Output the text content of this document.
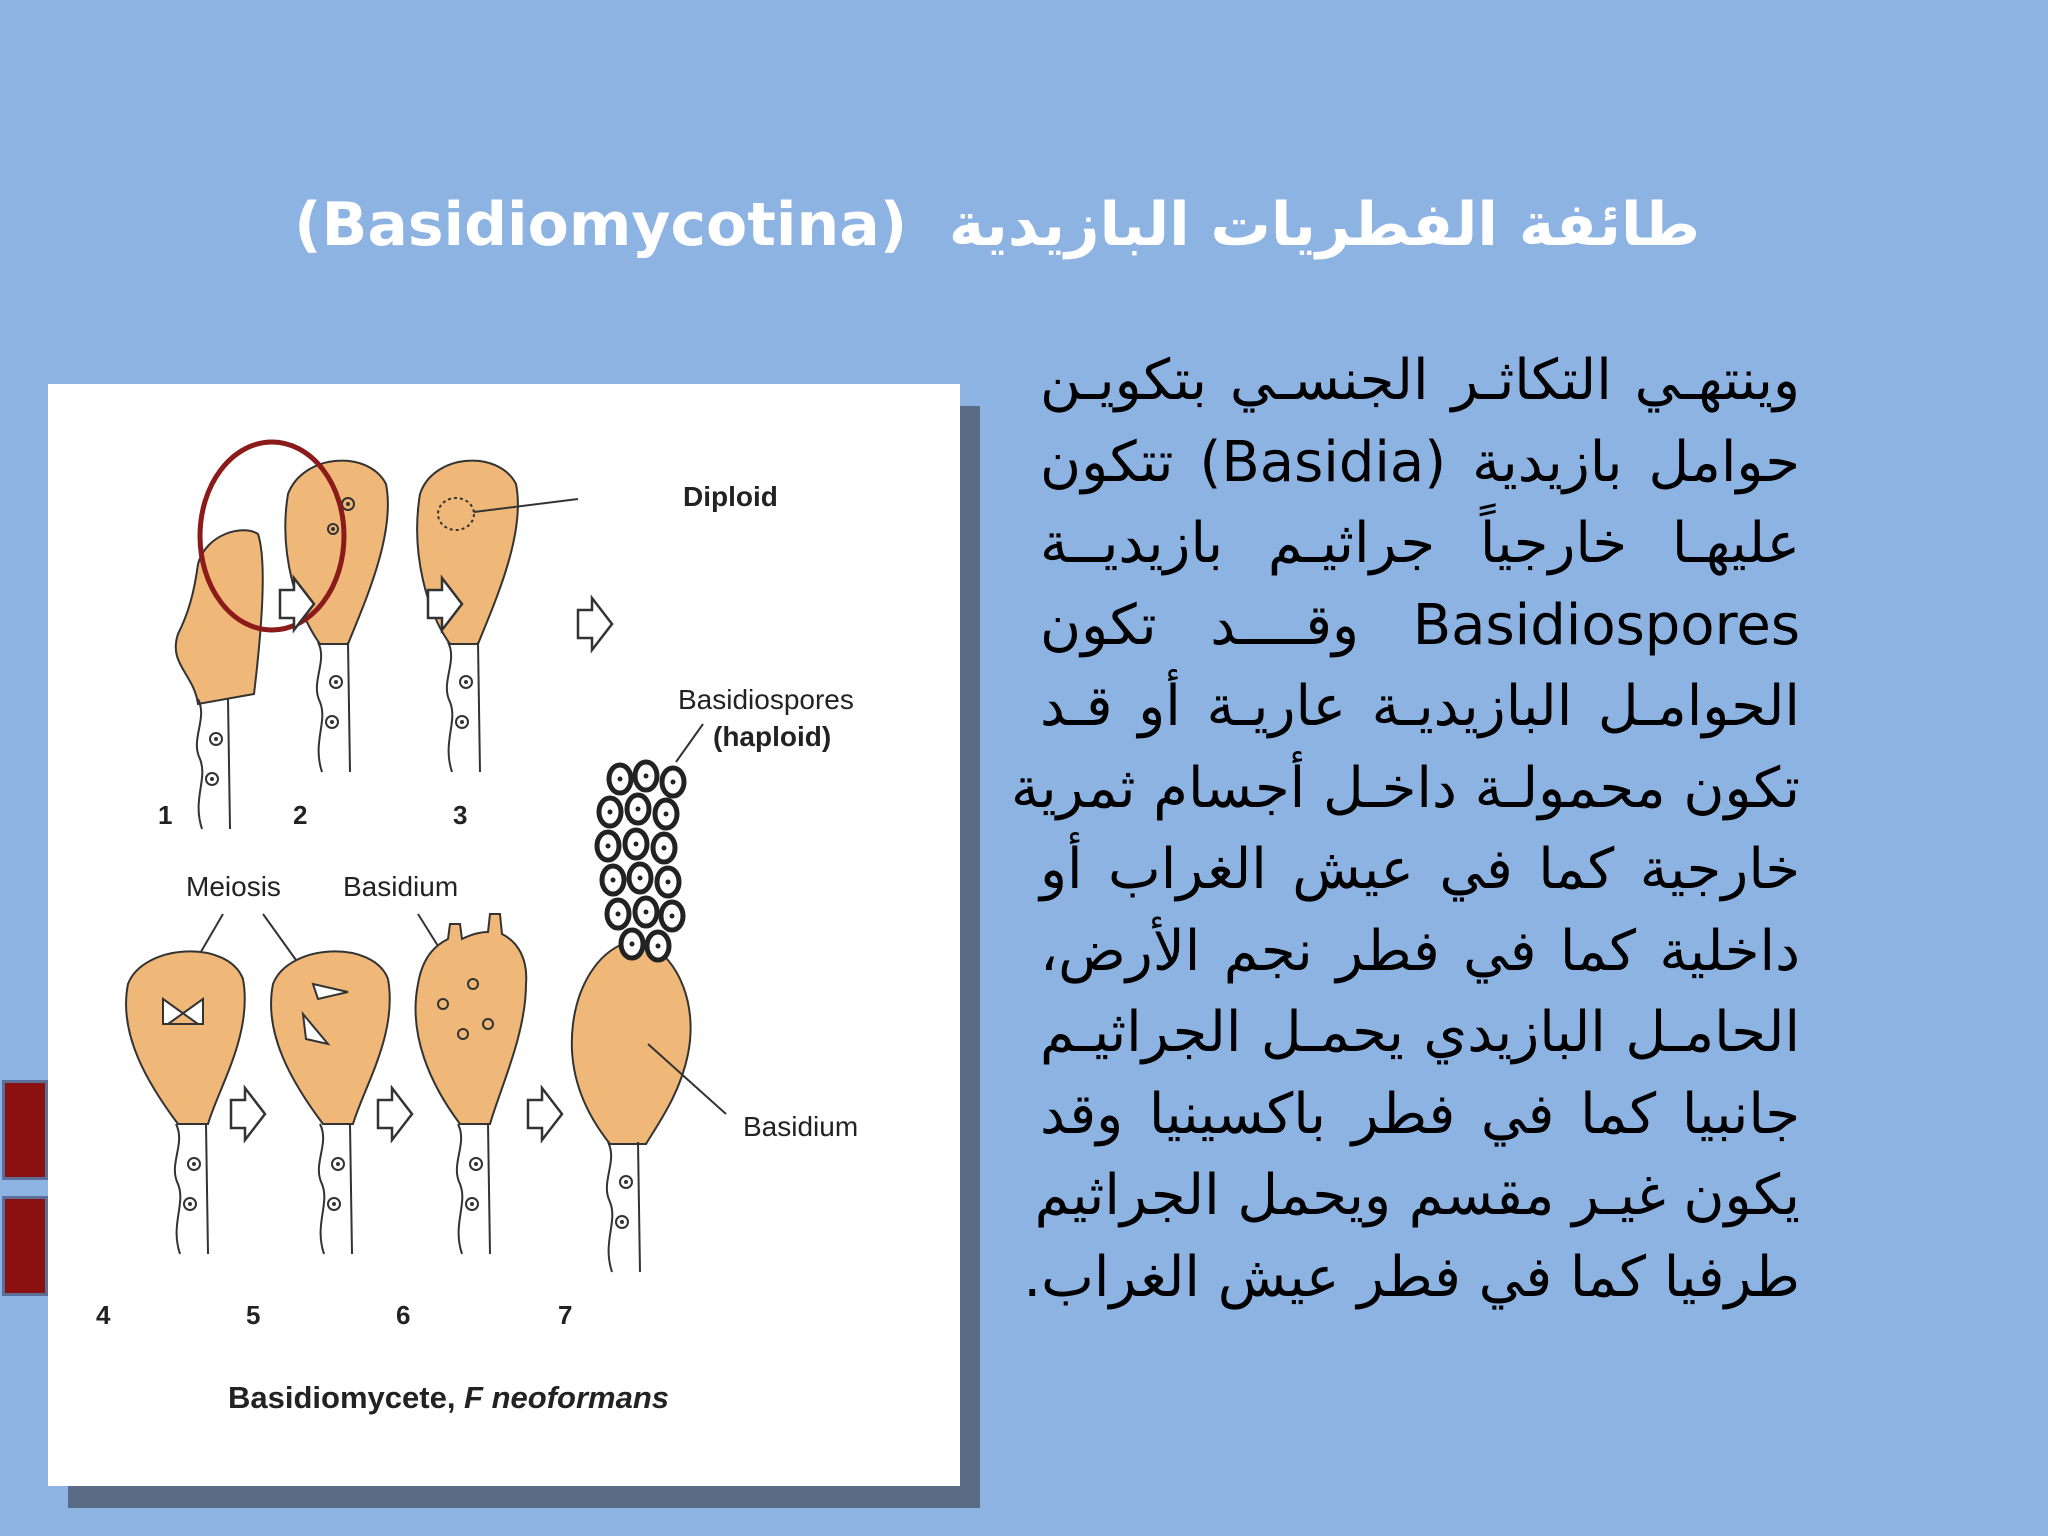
طائفة الفطريات البازيدية  (Basidiomycotina)
Diploid
Basidiospores
(haploid)
1	2	3
Meiosis Basidium
Basidium
4	5	6	7
Basidiomycete, F neoformans
وينتهـي التكاثـر الجنسـي بتكويـن
حوامل بازيدية (Basidia) تتكون
عليهـا خارجياً جراثيـم بازيديــة
Basidiospores وقــــد تكون
الحوامـل البازيديـة عاريـة أو قـد
تكون محمولـة داخـل أجسام ثمرية
خارجية كما في عيش الغراب أو
داخلية كما في فطر نجم الأرض،
الحامـل البازيدي يحمـل الجراثيـم
جانبيا كما في فطر باكسينيا وقد
يكون غيـر مقسم ويحمل الجراثيم
طرفيا كما في فطر عيش الغراب.
